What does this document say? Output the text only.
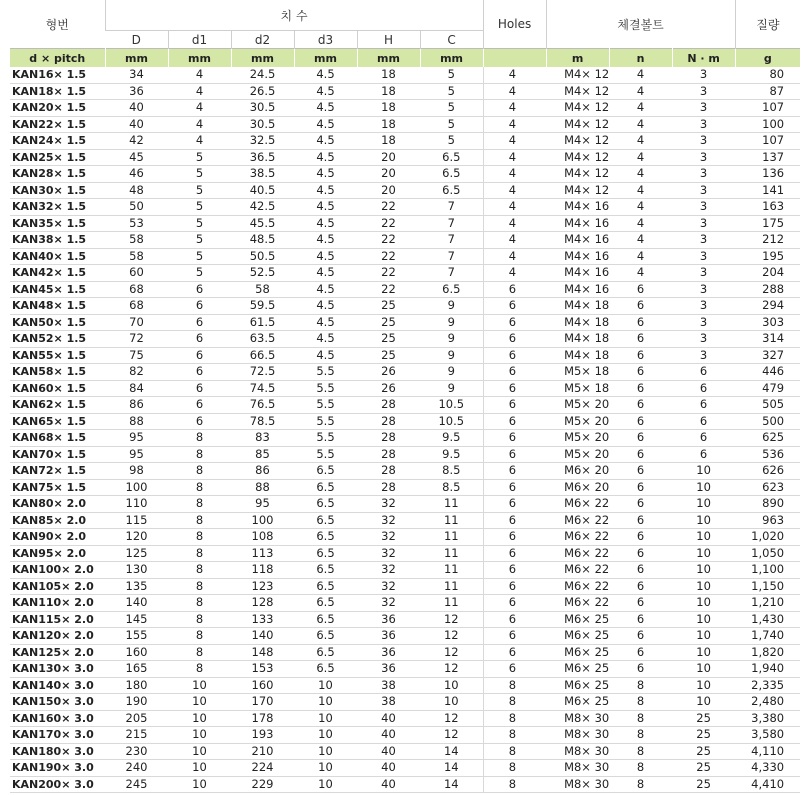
형번	치 수						Holes	체결볼트			질량
	D	d1	d2	d3	H	C					
d × pitch	mm	mm	mm	mm	mm	mm		m	n	N · m	g
KAN16× 1.5	34	4	24.5	4.5	18	5	4	M4× 12	4	3	80
KAN18× 1.5	36	4	26.5	4.5	18	5	4	M4× 12	4	3	87
KAN20× 1.5	40	4	30.5	4.5	18	5	4	M4× 12	4	3	107
KAN22× 1.5	40	4	30.5	4.5	18	5	4	M4× 12	4	3	100
KAN24× 1.5	42	4	32.5	4.5	18	5	4	M4× 12	4	3	107
KAN25× 1.5	45	5	36.5	4.5	20	6.5	4	M4× 12	4	3	137
KAN28× 1.5	46	5	38.5	4.5	20	6.5	4	M4× 12	4	3	136
KAN30× 1.5	48	5	40.5	4.5	20	6.5	4	M4× 12	4	3	141
KAN32× 1.5	50	5	42.5	4.5	22	7	4	M4× 16	4	3	163
KAN35× 1.5	53	5	45.5	4.5	22	7	4	M4× 16	4	3	175
KAN38× 1.5	58	5	48.5	4.5	22	7	4	M4× 16	4	3	212
KAN40× 1.5	58	5	50.5	4.5	22	7	4	M4× 16	4	3	195
KAN42× 1.5	60	5	52.5	4.5	22	7	4	M4× 16	4	3	204
KAN45× 1.5	68	6	58	4.5	22	6.5	6	M4× 16	6	3	288
KAN48× 1.5	68	6	59.5	4.5	25	9	6	M4× 18	6	3	294
KAN50× 1.5	70	6	61.5	4.5	25	9	6	M4× 18	6	3	303
KAN52× 1.5	72	6	63.5	4.5	25	9	6	M4× 18	6	3	314
KAN55× 1.5	75	6	66.5	4.5	25	9	6	M4× 18	6	3	327
KAN58× 1.5	82	6	72.5	5.5	26	9	6	M5× 18	6	6	446
KAN60× 1.5	84	6	74.5	5.5	26	9	6	M5× 18	6	6	479
KAN62× 1.5	86	6	76.5	5.5	28	10.5	6	M5× 20	6	6	505
KAN65× 1.5	88	6	78.5	5.5	28	10.5	6	M5× 20	6	6	500
KAN68× 1.5	95	8	83	5.5	28	9.5	6	M5× 20	6	6	625
KAN70× 1.5	95	8	85	5.5	28	9.5	6	M5× 20	6	6	536
KAN72× 1.5	98	8	86	6.5	28	8.5	6	M6× 20	6	10	626
KAN75× 1.5	100	8	88	6.5	28	8.5	6	M6× 20	6	10	623
KAN80× 2.0	110	8	95	6.5	32	11	6	M6× 22	6	10	890
KAN85× 2.0	115	8	100	6.5	32	11	6	M6× 22	6	10	963
KAN90× 2.0	120	8	108	6.5	32	11	6	M6× 22	6	10	1,020
KAN95× 2.0	125	8	113	6.5	32	11	6	M6× 22	6	10	1,050
KAN100× 2.0	130	8	118	6.5	32	11	6	M6× 22	6	10	1,100
KAN105× 2.0	135	8	123	6.5	32	11	6	M6× 22	6	10	1,150
KAN110× 2.0	140	8	128	6.5	32	11	6	M6× 22	6	10	1,210
KAN115× 2.0	145	8	133	6.5	36	12	6	M6× 25	6	10	1,430
KAN120× 2.0	155	8	140	6.5	36	12	6	M6× 25	6	10	1,740
KAN125× 2.0	160	8	148	6.5	36	12	6	M6× 25	6	10	1,820
KAN130× 3.0	165	8	153	6.5	36	12	6	M6× 25	6	10	1,940
KAN140× 3.0	180	10	160	10	38	10	8	M6× 25	8	10	2,335
KAN150× 3.0	190	10	170	10	38	10	8	M6× 25	8	10	2,480
KAN160× 3.0	205	10	178	10	40	12	8	M8× 30	8	25	3,380
KAN170× 3.0	215	10	193	10	40	12	8	M8× 30	8	25	3,580
KAN180× 3.0	230	10	210	10	40	14	8	M8× 30	8	25	4,110
KAN190× 3.0	240	10	224	10	40	14	8	M8× 30	8	25	4,330
KAN200× 3.0	245	10	229	10	40	14	8	M8× 30	8	25	4,410
